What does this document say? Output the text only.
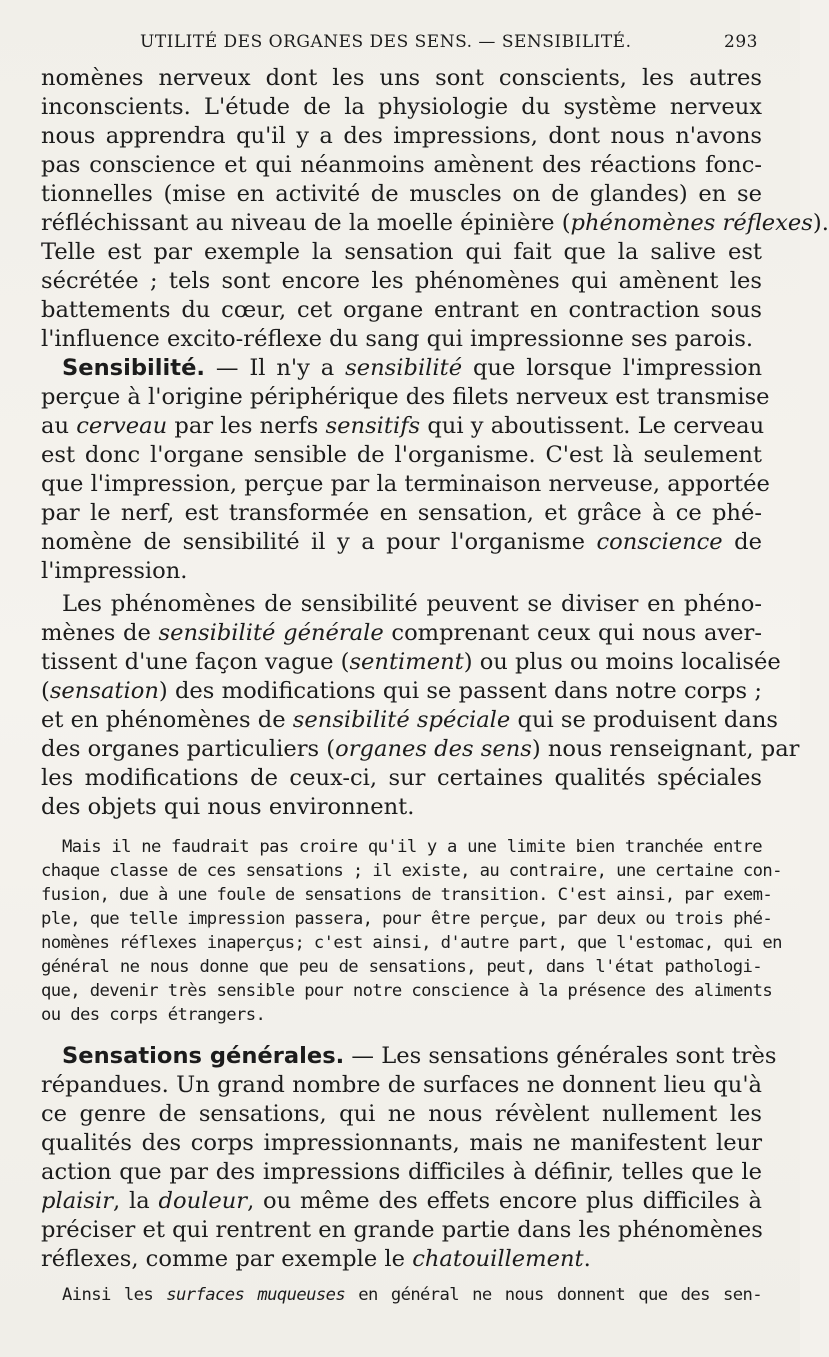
UTILITÉ DES ORGANES DES SENS. — SENSIBILITÉ.	293
nomènes nerveux dont les uns sont conscients, les autres
inconscients. L'étude de la physiologie du système nerveux
nous apprendra qu'il y a des impressions, dont nous n'avons
pas conscience et qui néanmoins amènent des réactions fonc-
tionnelles (mise en activité de muscles on de glandes) en se
réfléchissant au niveau de la moelle épinière (phénomènes réflexes).
Telle est par exemple la sensation qui fait que la salive est
sécrétée ; tels sont encore les phénomènes qui amènent les
battements du cœur, cet organe entrant en contraction sous
l'influence excito-réflexe du sang qui impressionne ses parois.
Sensibilité. — Il n'y a sensibilité que lorsque l'impression
perçue à l'origine périphérique des filets nerveux est transmise
au cerveau par les nerfs sensitifs qui y aboutissent. Le cerveau
est donc l'organe sensible de l'organisme. C'est là seulement
que l'impression, perçue par la terminaison nerveuse, apportée
par le nerf, est transformée en sensation, et grâce à ce phé-
nomène de sensibilité il y a pour l'organisme conscience de
l'impression.
Les phénomènes de sensibilité peuvent se diviser en phéno-
mènes de sensibilité générale comprenant ceux qui nous aver-
tissent d'une façon vague (sentiment) ou plus ou moins localisée
(sensation) des modifications qui se passent dans notre corps ;
et en phénomènes de sensibilité spéciale qui se produisent dans
des organes particuliers (organes des sens) nous renseignant, par
les modifications de ceux-ci, sur certaines qualités spéciales
des objets qui nous environnent.
Mais il ne faudrait pas croire qu'il y a une limite bien tranchée entre
chaque classe de ces sensations ; il existe, au contraire, une certaine con-
fusion, due à une foule de sensations de transition. C'est ainsi, par exem-
ple, que telle impression passera, pour être perçue, par deux ou trois phé-
nomènes réflexes inaperçus; c'est ainsi, d'autre part, que l'estomac, qui en
général ne nous donne que peu de sensations, peut, dans l'état pathologi-
que, devenir très sensible pour notre conscience à la présence des aliments
ou des corps étrangers.
Sensations générales. — Les sensations générales sont très
répandues. Un grand nombre de surfaces ne donnent lieu qu'à
ce genre de sensations, qui ne nous révèlent nullement les
qualités des corps impressionnants, mais ne manifestent leur
action que par des impressions difficiles à définir, telles que le
plaisir, la douleur, ou même des effets encore plus difficiles à
préciser et qui rentrent en grande partie dans les phénomènes
réflexes, comme par exemple le chatouillement.
Ainsi les surfaces muqueuses en général ne nous donnent que des sen-
